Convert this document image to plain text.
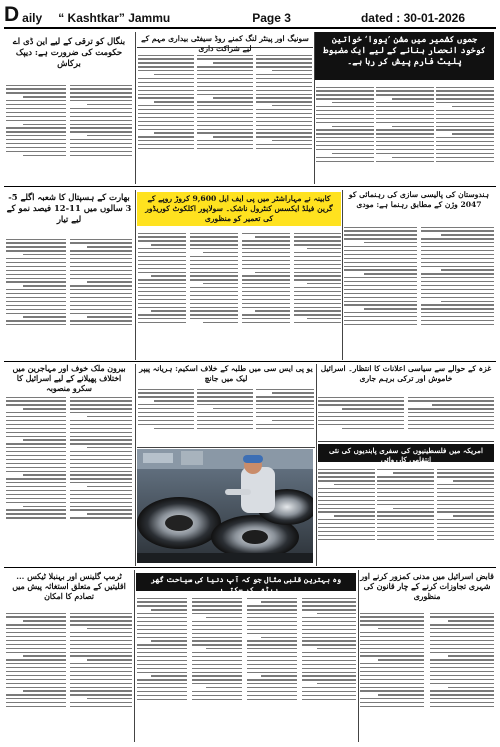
D aily “ Kashtkar” Jammu	Page 3	dated : 30-01-2026
جموں کشمیر میں مشن ’یووا‘ خواتین کوخود انحصار بنانے کے لیے ایک مضبوط پلیٹ فارم پیش کر رہا ہے۔
سونیگ اور پینٹر لنگ کمنے روڈ سیفٹی بیداری مہم کے لیے شراکت داری
بنگال کو ترقی کے لیے این ڈی اے حکومت کی ضرورت ہے: دیپک برکاش
ہندوستان کی پالیسی سازی کی رہنمائی کو 2047 وژن کے مطابق رہنما ہے: مودی
کابینہ نے مہاراشٹر میں پی ایف ایل 9,600 کروڑ روپے کے گرین فیلڈ ایکسس کنٹرول ناشک۔ سولاپور اکلکوٹ کوریڈور کی تعمیر کو منظوری
بھارت کے ہسپتال کا شعبہ اگلے 5-3 سالوں میں 11-12 فیصد نمو کے لیے تیار
غزہ کے حوالے سے سیاسی اعلانات کا انتظار۔ اسرائیل خاموش اور ترکی برہم جاری
امریکہ میں فلسطینیوں کی سفری پابندیوں کی نئی انتقامی کارروائی
یو پی ایس سی میں طلبہ کے خلاف اسکیم: ہریانہ پیپر لیک میں جانچ
بیرون ملک خوف اور مہاجرین میں اختلاف پھیلانے کے لیے اسرائیل کا سکرو منصوبہ
قابض اسرائیل میں مدنی کمزور کرنے اور شہری تجاوزات کرنے کے چار قانون کی منظوری
وہ بہترین قلبی مثال جو کہ آپ دنیا کی سیاحت گھر بیٹھے کر سکتے ہے
ٹرمپ گلینس اور بہنبلا ٹیکس ... اقلیتیں کے متعلق استغاثہ پیش میں تصادم کا امکان
